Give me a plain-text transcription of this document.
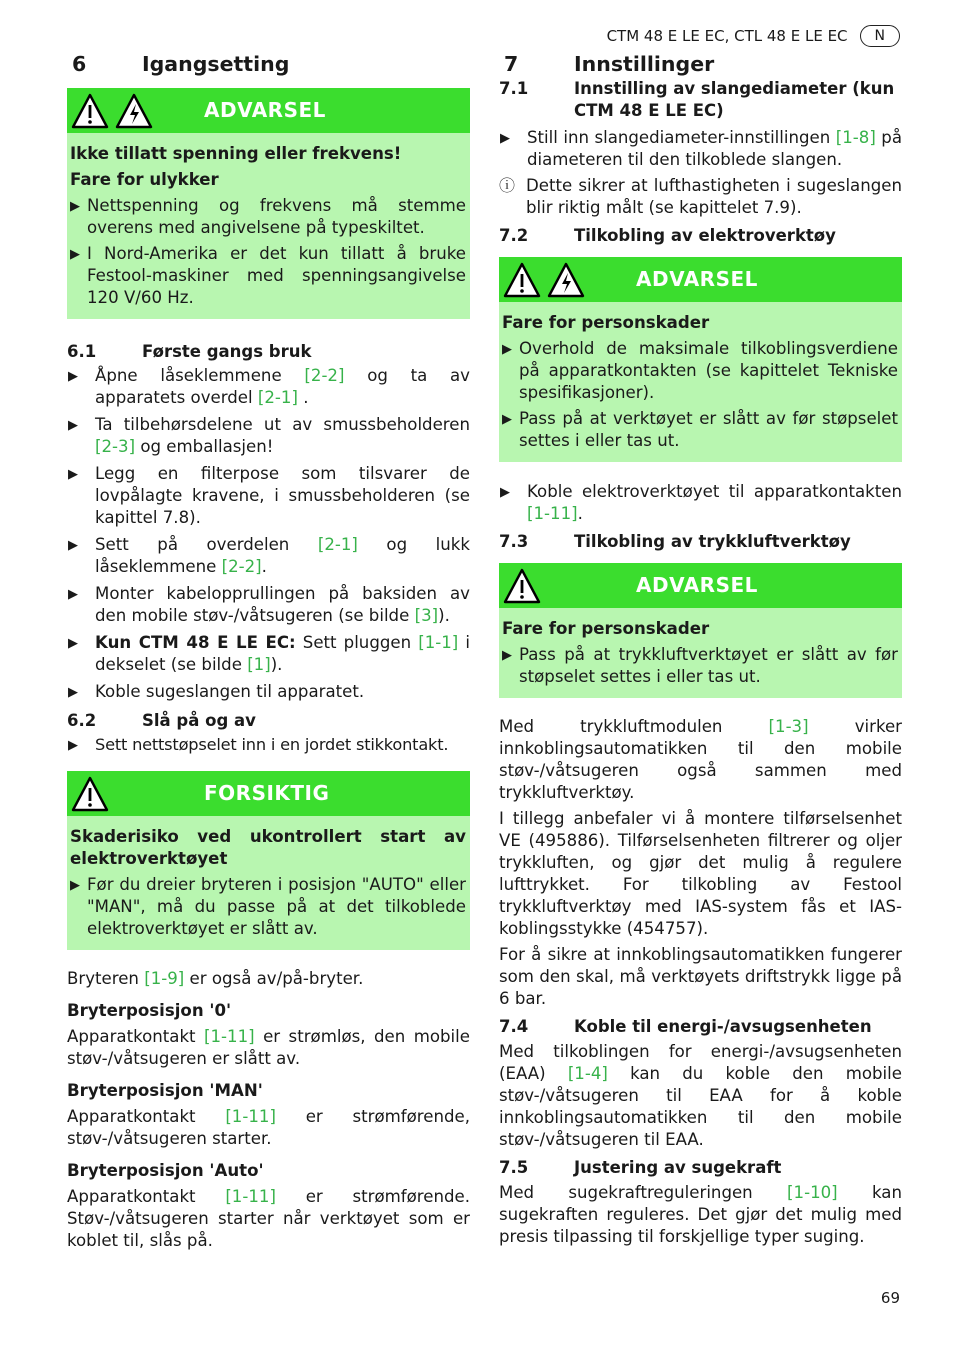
CTM 48 E LE EC, CTL 48 E LE EC	N
6	Igangsetting
ADVARSEL
Ikke tillatt spenning eller frekvens!
Fare for ulykker
▶ Nettspenning og frekvens må stemme overens med angivelsene på typeskiltet.
▶ I Nord-Amerika er det kun tillatt å bruke Festool-maskiner med spenningsangivelse 120 V/60 Hz.
6.1	Første gangs bruk
▶	Åpne låseklemmene [2-2] og ta av apparatets overdel [2-1] .
▶	Ta tilbehørsdelene ut av smussbeholderen [2-3] og emballasjen!
▶	Legg en filterpose som tilsvarer de lovpålagte kravene, i smussbeholderen (se kapittel 7.8).
▶	Sett på overdelen [2-1] og lukk låseklemmene [2-2].
▶	Monter kabelopprullingen på baksiden av den mobile støv-/våtsugeren (se bilde [3]).
▶	Kun CTM 48 E LE EC: Sett pluggen [1-1] i dekselet (se bilde [1]).
▶	Koble sugeslangen til apparatet.
6.2	Slå på og av
▶	Sett nettstøpselet inn i en jordet stikkontakt.
FORSIKTIG
Skaderisiko ved ukontrollert start av elektroverktøyet
▶ Før du dreier bryteren i posisjon "AUTO" eller "MAN", må du passe på at det tilkoblede elektroverktøyet er slått av.

Bryteren [1-9] er også av/på-bryter.

Bryterposisjon '0'

Apparatkontakt [1-11] er strømløs, den mobile støv-/våtsugeren er slått av.

Bryterposisjon 'MAN'

Apparatkontakt [1-11] er strømførende, støv-/våtsugeren starter.

Bryterposisjon 'Auto'

Apparatkontakt [1-11] er strømførende. Støv-/våtsugeren starter når verktøyet som er koblet til, slås på.

7	Innstillinger
7.1	Innstilling av slangediameter (kun CTM 48 E LE EC)
▶	Still inn slangediameter-innstillingen [1-8] på diameteren til den tilkoblede slangen.
ⓘ Dette sikrer at lufthastigheten i sugeslangen blir riktig målt (se kapittelet 7.9).
7.2	Tilkobling av elektroverktøy
ADVARSEL
Fare for personskader
▶ Overhold de maksimale tilkoblingsverdiene på apparatkontakten (se kapittelet Tekniske spesifikasjoner).
▶ Pass på at verktøyet er slått av før støpselet settes i eller tas ut.
▶	Koble elektroverktøyet til apparatkontakten [1-11].
7.3	Tilkobling av trykkluftverktøy
ADVARSEL
Fare for personskader
▶ Pass på at trykkluftverktøyet er slått av før støpselet settes i eller tas ut.

Med trykkluftmodulen	[1-3] virker innkoblingsautomatikken til den mobile støv-/våtsugeren også sammen med trykkluftverktøy.

I tillegg anbefaler vi å montere tilførselsenhet VE (495886). Tilførselsenheten filtrerer og oljer trykkluften, og gjør det mulig å regulere lufttrykket. For tilkobling av Festool trykkluftverktøy med IAS-system fås et IAS-koblingsstykke (454757).

For å sikre at innkoblingsautomatikken fungerer som den skal, må verktøyets driftstrykk ligge på 6 bar.

7.4	Koble til energi-/avsugsenheten

Med tilkoblingen for energi-/avsugsenheten (EAA) [1-4] kan du koble den mobile støv-/våtsugeren til EAA for å koble innkoblingsautomatikken til den mobile støv-/våtsugeren til EAA.

7.5	Justering av sugekraft

Med sugekraftreguleringen [1-10] kan sugekraften reguleres. Det gjør det mulig med presis tilpassing til forskjellige typer suging.

69
